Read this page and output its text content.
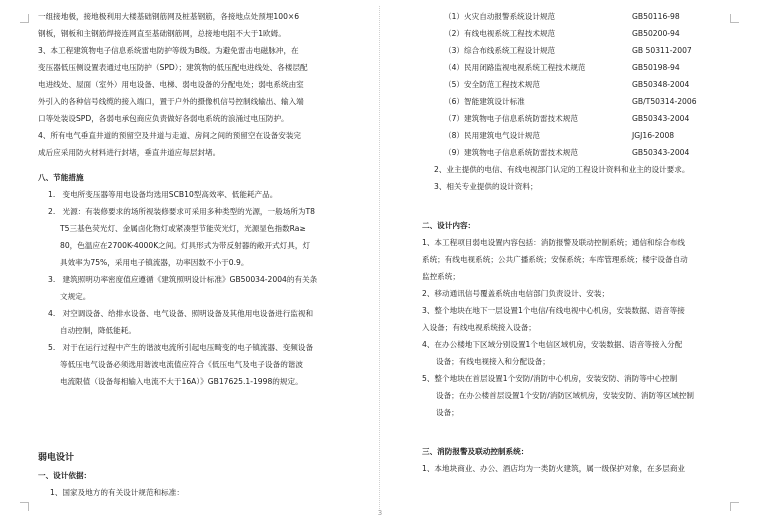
一组接地极，接地极利用大楼基础钢筋网及桩基钢筋，各接地点处预埋100×6

钢板，钢板和主钢筋焊接连网直至基础钢筋网，总接地电阻不大于1欧姆。

3、本工程建筑物电子信息系统雷电防护等级为B级。为避免雷击电磁脉冲，在

变压器低压侧设置表通过电压防护（SPD）；建筑物的低压配电进线处、各楼层配

电进线处、屋面（室外）用电设备、电梯、弱电设备的分配电处；弱电系统由室

外引入的各种信号线缆的接入端口，置于户外的摄像机信号控制线输出、输入端

口等处装设SPD，各弱电承包商应负责做好各弱电系统的浪涌过电压防护。

4、所有电气垂直井道的预留空及井道与走道、房间之间的预留空在设备安装完

成后应采用防火材料进行封堵，垂直井道应每层封堵。

八、节能措施

1. 变电所变压器等用电设备均选用SCB10型高效率、低能耗产品。

2. 光源：有装修要求的场所视装修要求可采用多种类型的光源，一般场所为T8

T5三基色荧光灯、金属卤化物灯或紧凑型节能荧光灯，光源显色指数Ra≥

80，色温应在2700K-4000K之间。灯具形式为带反射器的敞开式灯具，灯

具效率为75%，采用电子镇流器，功率因数不小于0.9。

3. 建筑照明功率密度值应遵循《建筑照明设计标准》GB50034-2004的有关条

文规定。

4. 对空调设备、给排水设备、电气设备、照明设备及其他用电设备进行监视和

自动控制，降低能耗。

5. 对于在运行过程中产生的谐波电流所引起电压畸变的电子镇流器、变频设备

等低压电气设备必须选用谐波电流值应符合《低压电气及电子设备的谐波

电流限值（设备每相输入电流不大于16A）》GB17625.1-1998的规定。

弱电设计

一、设计依据：

1、国家及地方的有关设计规范和标准：

（1） 火灾自动报警系统设计规范	GB50116-98
（2） 有线电视系统工程技术规范	GB50200-94
（3） 综合布线系统工程设计规范	GB 50311-2007
（4） 民用闭路监视电视系统工程技术规范	GB50198-94
（5） 安全防范工程技术规范	GB50348-2004
（6） 智能建筑设计标准	GB/T50314-2006
（7） 建筑物电子信息系统防雷技术规范	GB50343-2004
（8） 民用建筑电气设计规范	JGJ16-2008
（9） 建筑物电子信息系统防雷技术规范	GB50343-2004

2、业主提供的电信、有线电视部门认定的工程设计资料和业主的设计要求。

3、相关专业提供的设计资料；

二、设计内容：

1、本工程项目弱电设置内容包括：消防报警及联动控制系统；通信和综合布线

系统；有线电视系统；公共广播系统；安保系统；车库管理系统；楼宇设备自动

监控系统；

2、移动通讯信号覆盖系统由电信部门负责设计、安装；

3、整个地块在地下一层设置1个电信/有线电视中心机房，安装数据、语音等接

入设备；有线电视系统接入设备；

4、在办公楼地下区域分别设置1个电信区域机房，安装数据、语音等接入分配

设备；有线电视接入和分配设备；

5、整个地块在首层设置1个安防/消防中心机房，安装安防、消防等中心控制

设备；在办公楼首层设置1个安防/消防区域机房，安装安防、消防等区域控制

设备；

三、消防报警及联动控制系统：

1、本地块商业、办公、酒店均为一类防火建筑，属一级保护对象，在多层商业

3
